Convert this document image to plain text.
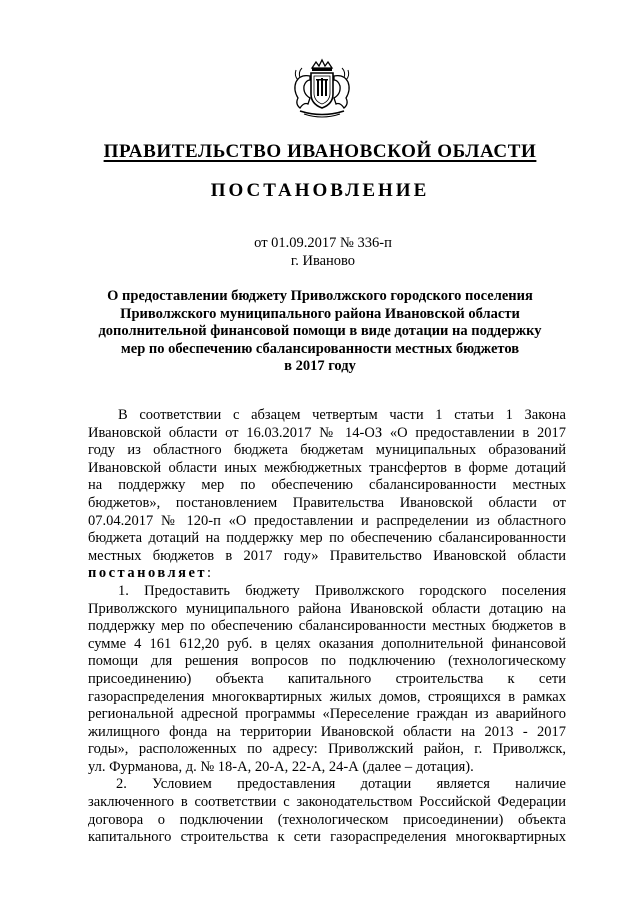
ПРАВИТЕЛЬСТВО ИВАНОВСКОЙ ОБЛАСТИ
ПОСТАНОВЛЕНИЕ
от 01.09.2017 № 336-п
г. Иваново
О предоставлении бюджету Приволжского городского поселения
Приволжского муниципального района Ивановской области
дополнительной финансовой помощи в виде дотации на поддержку
мер по обеспечению сбалансированности местных бюджетов
в 2017 году
В соответствии с абзацем четвертым части 1 статьи 1 Закона
Ивановской области от 16.03.2017 № 14-ОЗ «О предоставлении в 2017
году из областного бюджета бюджетам муниципальных образований
Ивановской области иных межбюджетных трансфертов в форме дотаций
на поддержку мер по обеспечению сбалансированности местных
бюджетов», постановлением Правительства Ивановской области от
07.04.2017 № 120-п «О предоставлении и распределении из областного
бюджета дотаций на поддержку мер по обеспечению сбалансированности
местных бюджетов в 2017 году» Правительство Ивановской области
постановляет:
1. Предоставить бюджету Приволжского городского поселения
Приволжского муниципального района Ивановской области дотацию на
поддержку мер по обеспечению сбалансированности местных бюджетов в
сумме 4 161 612,20 руб. в целях оказания дополнительной финансовой
помощи для решения вопросов по подключению (технологическому
присоединению) объекта капитального строительства к сети
газораспределения многоквартирных жилых домов, строящихся в рамках
региональной адресной программы «Переселение граждан из аварийного
жилищного фонда на территории Ивановской области на 2013 - 2017
годы», расположенных по адресу: Приволжский район, г. Приволжск,
ул. Фурманова, д. № 18-А, 20-А, 22-А, 24-А (далее – дотация).
2. Условием предоставления дотации является наличие
заключенного в соответствии с законодательством Российской Федерации
договора о подключении (технологическом присоединении) объекта
капитального строительства к сети газораспределения многоквартирных
